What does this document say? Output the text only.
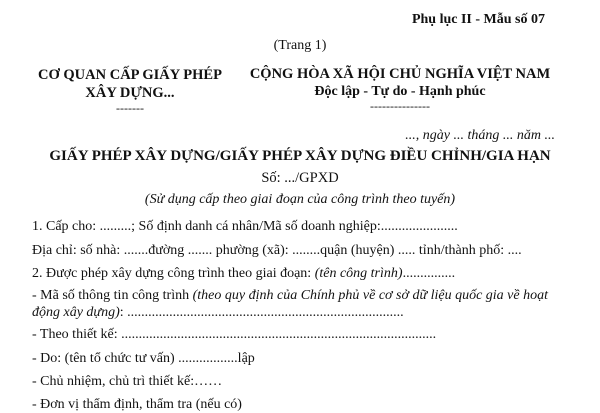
Phụ lục II - Mẫu số 07
(Trang 1)
CƠ QUAN CẤP GIẤY PHÉP
XÂY DỰNG...
-------
CỘNG HÒA XÃ HỘI CHỦ NGHĨA VIỆT NAM
Độc lập - Tự do - Hạnh phúc
---------------
..., ngày ... tháng ... năm ...
GIẤY PHÉP XÂY DỰNG/GIẤY PHÉP XÂY DỰNG ĐIỀU CHỈNH/GIA HẠN
Số: .../GPXD
(Sử dụng cấp theo giai đoạn của công trình theo tuyến)
1. Cấp cho: .........; Số định danh cá nhân/Mã số doanh nghiệp:......................
Địa chỉ: số nhà: .......đường ....... phường (xã): ........quận (huyện) ..... tỉnh/thành phố: ....
2. Được phép xây dựng công trình theo giai đoạn: (tên công trình)...............
- Mã số thông tin công trình (theo quy định của Chính phủ về cơ sở dữ liệu quốc gia về hoạt động xây dựng): ...............................................................................
- Theo thiết kế: ..........................................................................................
- Do: (tên tổ chức tư vấn) .................lập
- Chủ nhiệm, chủ trì thiết kế:……
- Đơn vị thẩm định, thẩm tra (nếu có)
